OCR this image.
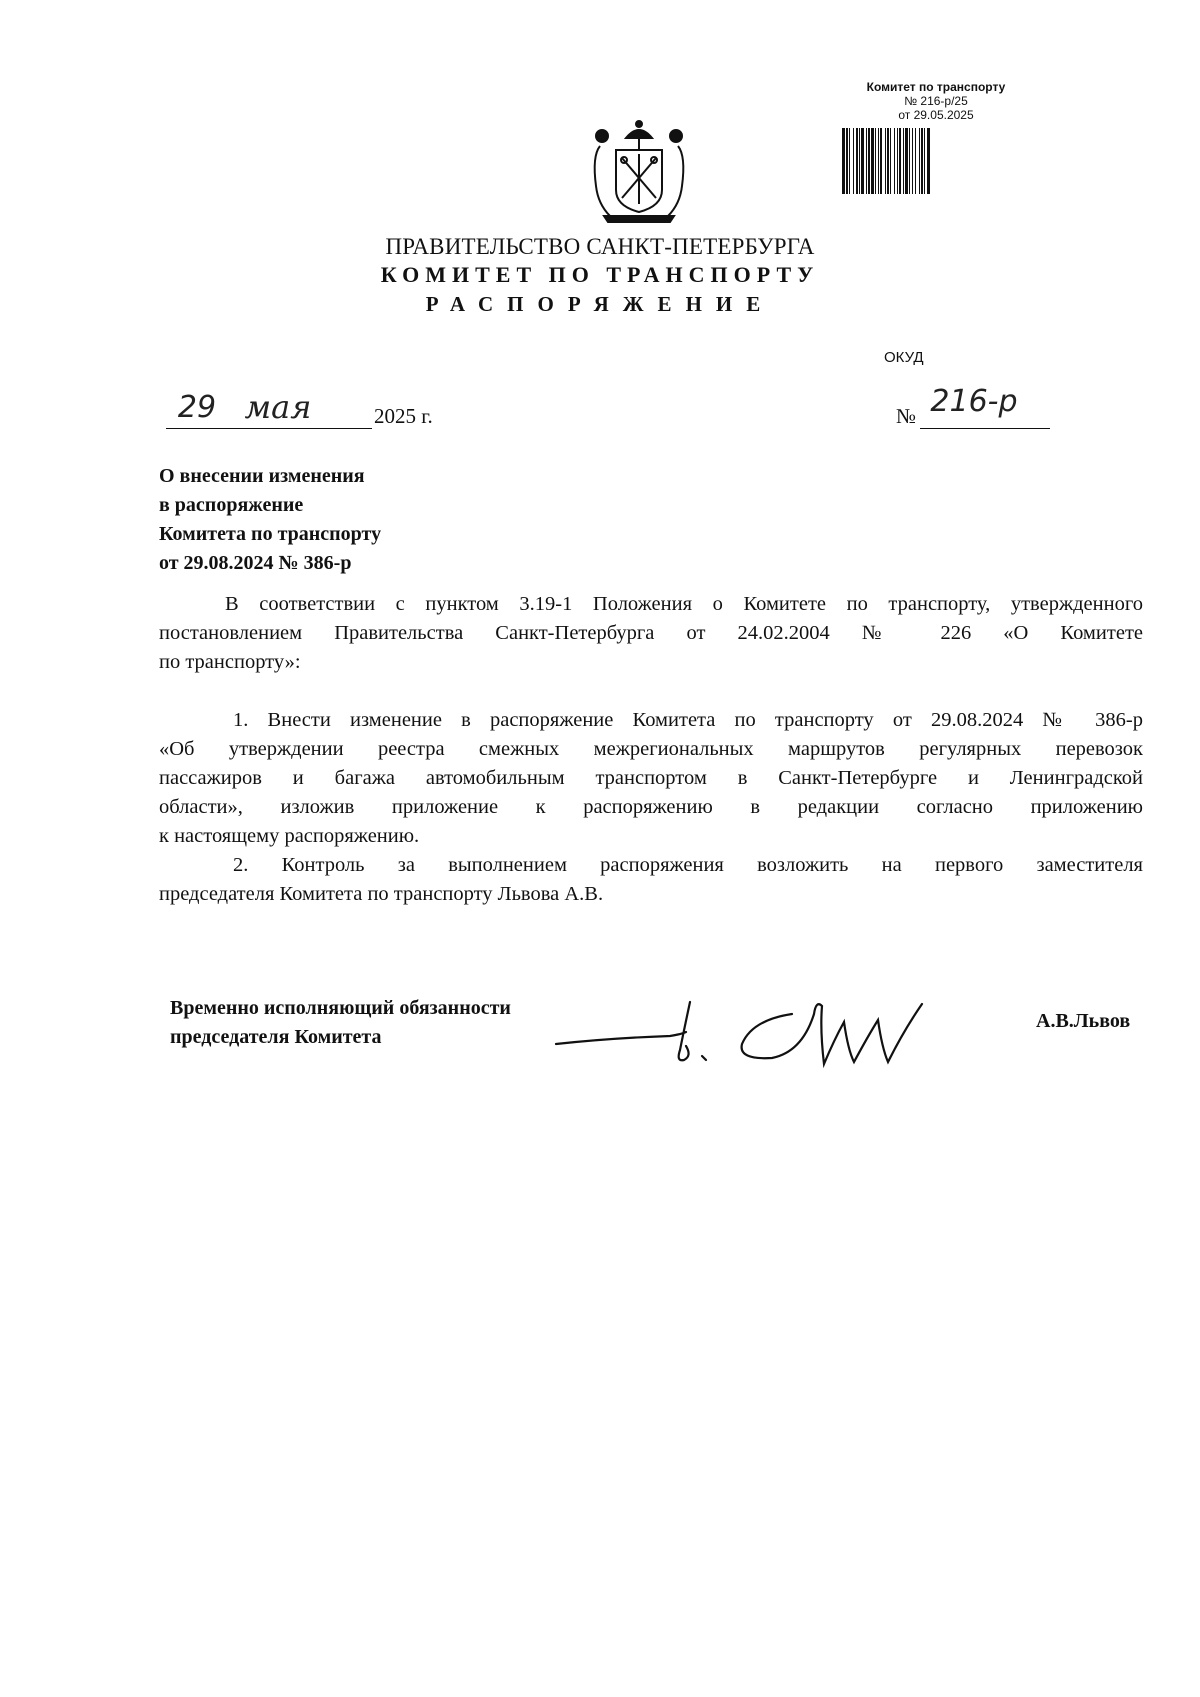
Комитет по транспорту
№ 216-р/25
от 29.05.2025
ПРАВИТЕЛЬСТВО САНКТ-ПЕТЕРБУРГА
КОМИТЕТ ПО ТРАНСПОРТУ
РАСПОРЯЖЕНИЕ
ОКУД
29 мая	2025 г.	№ 216-р
О внесении изменения
в распоряжение
Комитета по транспорту
от 29.08.2024 № 386-р
В соответствии с пунктом 3.19-1 Положения о Комитете по транспорту, утвержденного
постановлением Правительства Санкт-Петербурга от 24.02.2004 № 226 «О Комитете
по транспорту»:
1. Внести изменение в распоряжение Комитета по транспорту от 29.08.2024 № 386-р
«Об утверждении реестра смежных межрегиональных маршрутов регулярных перевозок
пассажиров и багажа автомобильным транспортом в Санкт-Петербурге и Ленинградской
области», изложив приложение к распоряжению в редакции согласно приложению
к настоящему распоряжению.
2. Контроль за выполнением распоряжения возложить на первого заместителя
председателя Комитета по транспорту Львова А.В.
Временно исполняющий обязанности
председателя Комитета
А.В.Львов
